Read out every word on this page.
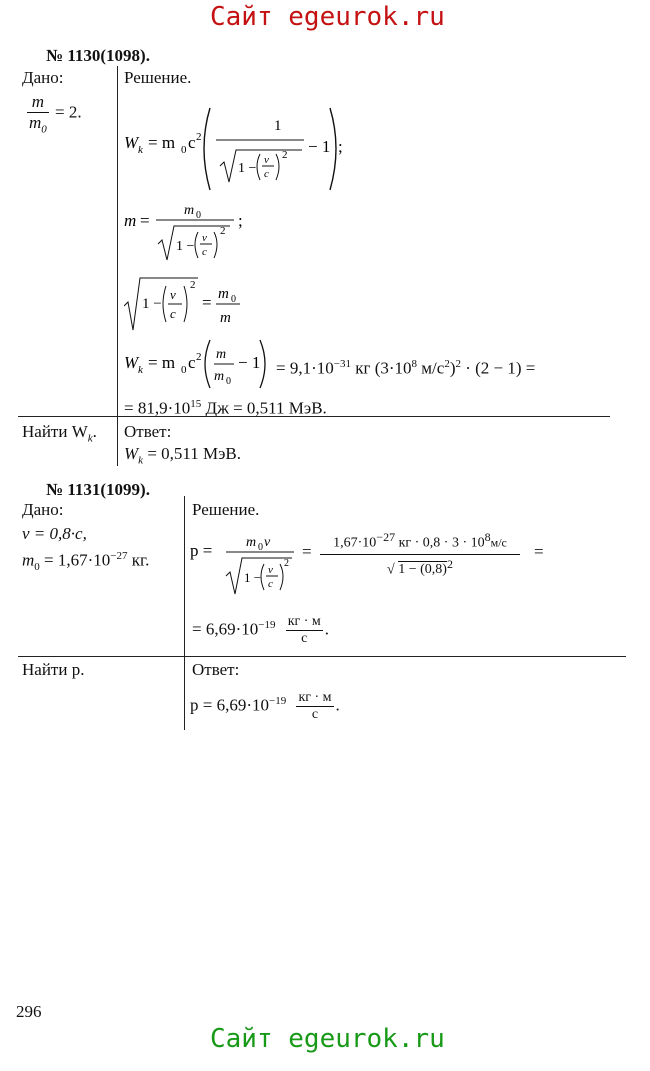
Сайт egeurok.ru
№ 1130(1098).
Дано:
$\frac{m}{m_0} = 2$.
Решение.
W k = m 0 c 2
1
1 −
v
c
2 − 1 ;
m =
m 0
1 −
v
c
2
;
1 −
v
c
2
= m 0
m
W k = m 0 c 2 m
m 0
− $1 = 9,1\cdot 10^{-31}$ кг ($3\cdot 10^8$ $м/с^2)^2 \cdot (2 - 1)$ =
= $81,9\cdot 10^{15}$ Дж = 0,511 МэВ.
Найти $W_k$. Ответ:
$W_k = 0,511$ МэВ.
№ 1131(1099).
Дано:
v = 0,8·c,
$m_0 = 1,67\cdot 10^{-27}$ кг.
Решение.
p = m 0 v
1 − v
c
2
=	$1,67\cdot 10^{-27}$ кг · $0,8 \cdot 3 \cdot 10^8м/с$
√ $1 - (0,8)^2$
=
= $6,69\cdot 10^{-19} \frac{кг \cdot м}{с}$ .
Найти p.	Ответ:
$p = 6,69\cdot 10^{-19} \frac{кг \cdot м}{с}$ .
296
Сайт egeurok.ru
